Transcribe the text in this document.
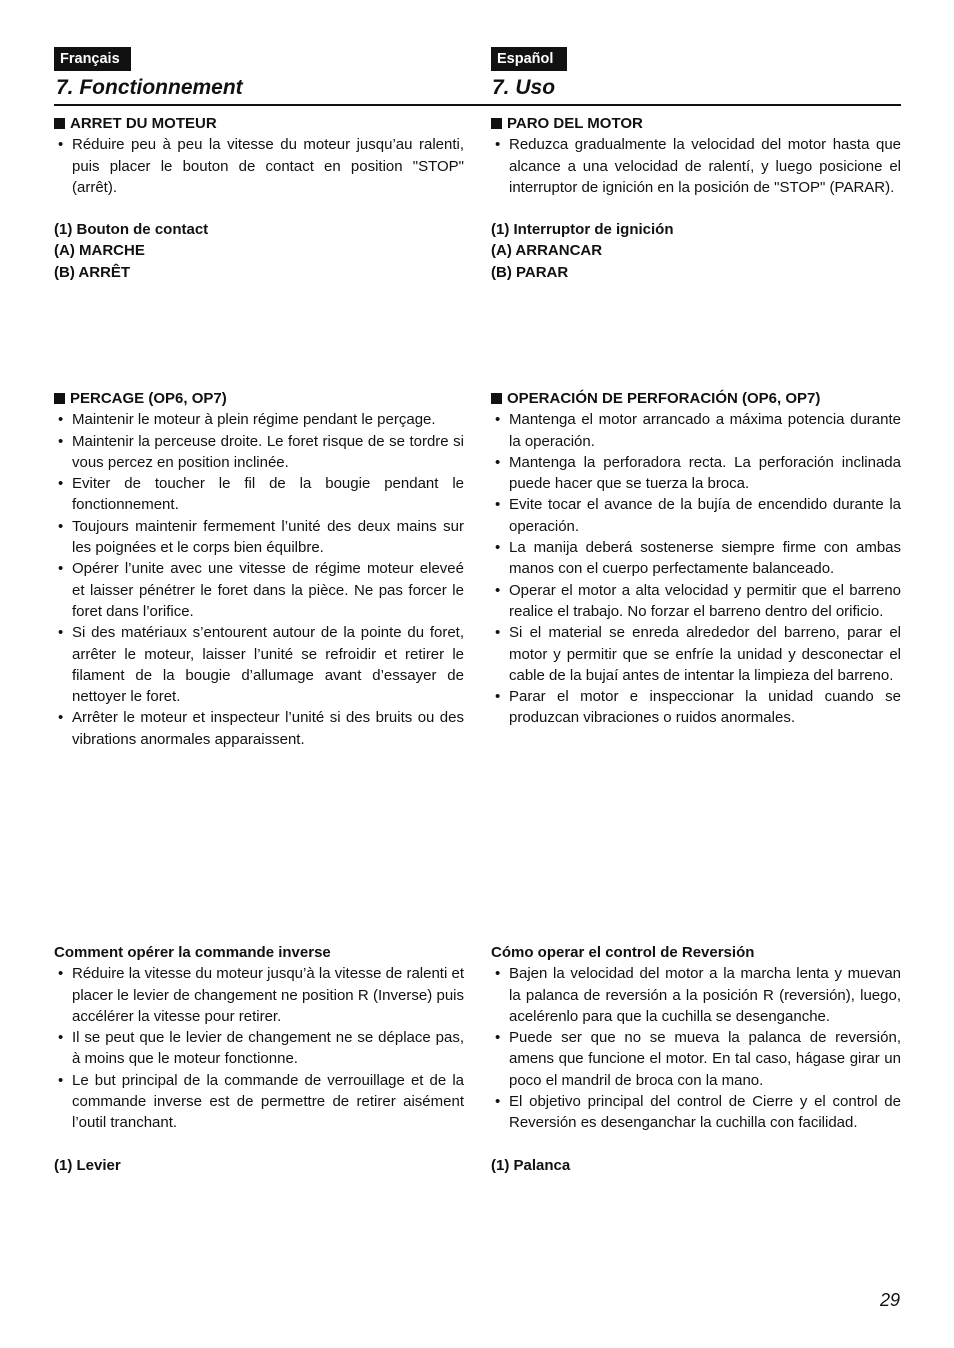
Français	Español
7. Fonctionnement	7. Uso
ARRET DU MOTEUR
• Réduire peu à peu la vitesse du moteur jusqu’au ralenti, puis placer le bouton de contact en position "STOP" (arrêt).
(1) Bouton de contact
(A) MARCHE
(B) ARRÊT
PARO DEL MOTOR
• Reduzca gradualmente la velocidad del motor hasta que alcance a una velocidad de ralentí, y luego posicione el interruptor de ignición en la posición de "STOP" (PARAR).
(1) Interruptor de ignición
(A) ARRANCAR
(B) PARAR
PERCAGE (OP6, OP7)
• Maintenir le moteur à plein régime pendant le perçage.
• Maintenir la perceuse droite. Le foret risque de se tordre si vous percez en position inclinée.
• Eviter de toucher le fil de la bougie pendant le fonctionnement.
• Toujours maintenir fermement l’unité des deux mains sur les poignées et le corps bien équilbre.
• Opérer l’unite avec une vitesse de régime moteur eleveé et laisser pénétrer le foret dans la pièce. Ne pas forcer le foret dans l’orifice.
• Si des matériaux s’entourent autour de la pointe du foret, arrêter le moteur, laisser l’unité se refroidir et retirer le filament de la bougie d’allumage avant d’essayer de nettoyer le foret.
• Arrêter le moteur et inspecteur l’unité si des bruits ou des vibrations anormales apparaissent.
OPERACIÓN DE PERFORACIÓN (OP6, OP7)
• Mantenga el motor arrancado a máxima potencia durante la operación.
• Mantenga la perforadora recta. La perforación inclinada puede hacer que se tuerza la broca.
• Evite tocar el avance de la bujía de encendido durante la operación.
• La manija deberá sostenerse siempre firme con ambas manos con el cuerpo perfectamente balanceado.
• Operar el motor a alta velocidad y permitir que el barreno realice el trabajo. No forzar el barreno dentro del orificio.
• Si el material se enreda alrededor del barreno, parar el motor y permitir que se enfríe la unidad y desconectar el cable de la bujaí antes de intentar la limpieza del barreno.
• Parar el motor e inspeccionar la unidad cuando se produzcan vibraciones o ruidos anormales.
Comment opérer la commande inverse
• Réduire la vitesse du moteur jusqu’à la vitesse de ralenti et placer le levier de changement ne position R (Inverse) puis accélérer la vitesse pour retirer.
• Il se peut que le levier de changement ne se déplace pas, à moins que le moteur fonctionne.
• Le but principal de la commande de verrouillage et de la commande inverse est de permettre de retirer aisément l’outil tranchant.
(1) Levier
Cómo operar el control de Reversión
• Bajen la velocidad del motor a la marcha lenta y muevan la palanca de reversión a la posición R (reversión), luego, acelérenlo para que la cuchilla se desenganche.
• Puede ser que no se mueva la palanca de reversión, amens que funcione el motor. En tal caso, hágase girar un poco el mandril de broca con la mano.
• El objetivo principal del control de Cierre y el control de Reversión es desenganchar la cuchilla con facilidad.
(1) Palanca
29
